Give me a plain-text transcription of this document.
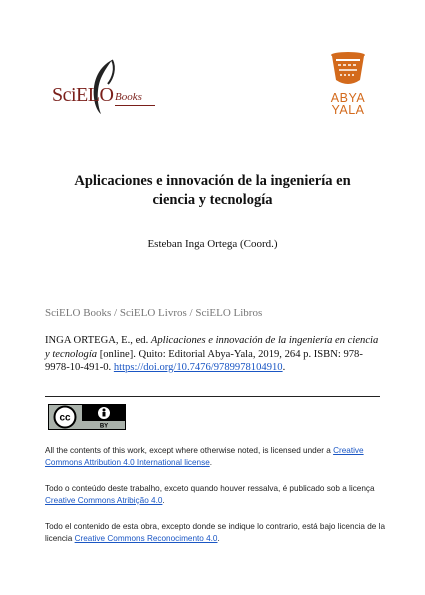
SciELO Books	ABYA
YALA
Aplicaciones e innovación de la ingeniería en
ciencia y tecnología
Esteban Inga Ortega (Coord.)
SciELO Books / SciELO Livros / SciELO Libros
INGA ORTEGA, E., ed. Aplicaciones e innovación de la ingeniería en ciencia y tecnología [online]. Quito: Editorial Abya-Yala, 2019, 264 p. ISBN: 978-9978-10-491-0. https://doi.org/10.7476/9789978104910.
cc
BY
All the contents of this work, except where otherwise noted, is licensed under a Creative Commons Attribution 4.0 International license.
Todo o conteúdo deste trabalho, exceto quando houver ressalva, é publicado sob a licença Creative Commons Atribição 4.0.
Todo el contenido de esta obra, excepto donde se indique lo contrario, está bajo licencia de la licencia Creative Commons Reconocimento 4.0.
